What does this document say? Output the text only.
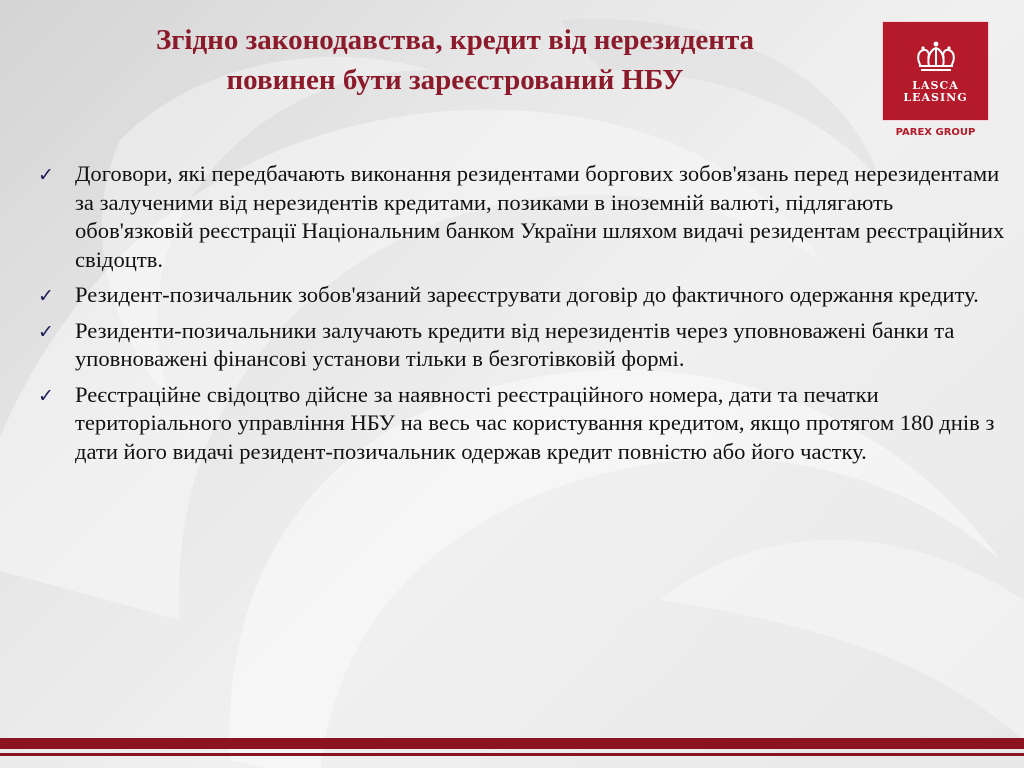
Згідно законодавства, кредит від нерезидента
повинен бути зареєстрований НБУ	LASCA
LEASING
PAREX GROUP
✓ Договори, які передбачають виконання резидентами боргових зобов'язань перед нерезидентами за залученими від нерезидентів кредитами, позиками в іноземній валюті, підлягають обов'язковій реєстрації Національним банком України шляхом видачі резидентам реєстраційних свідоцтв.
✓ Резидент-позичальник зобов'язаний зареєструвати договір до фактичного одержання кредиту.
✓ Резиденти-позичальники залучають кредити від нерезидентів через уповноважені банки та уповноважені фінансові установи тільки в безготівковій формі.
✓ Реєстраційне свідоцтво дійсне за наявності реєстраційного номера, дати та печатки територіального управління НБУ на весь час користування кредитом, якщо протягом 180 днів з дати його видачі резидент-позичальник одержав кредит повністю або його частку.
